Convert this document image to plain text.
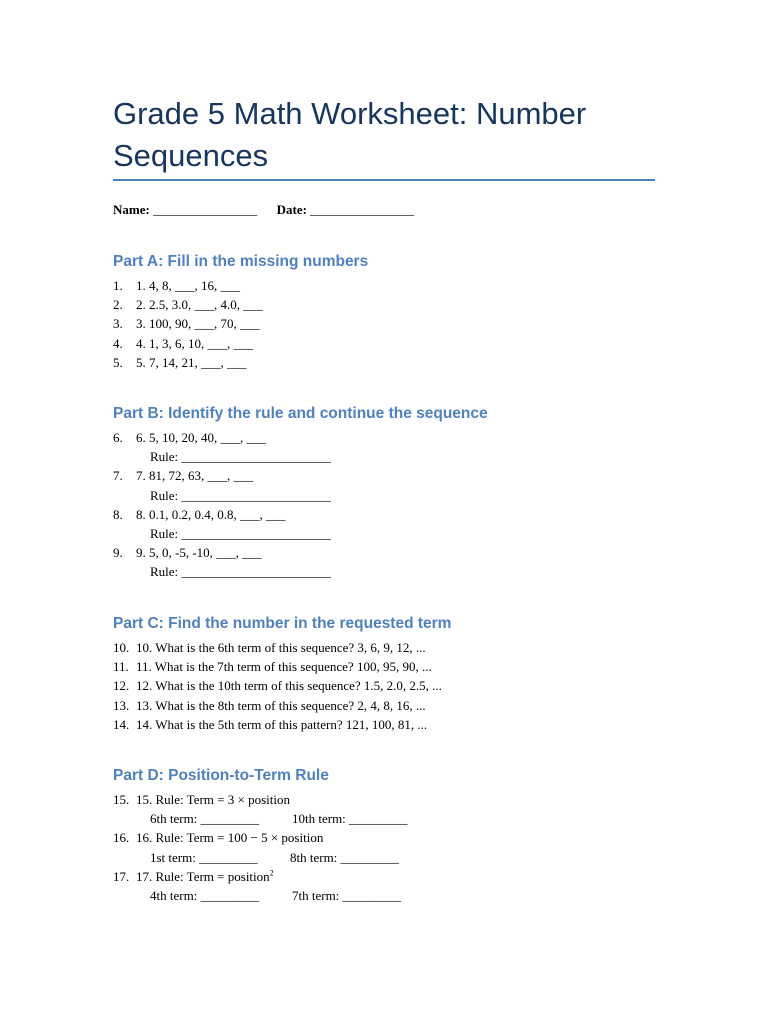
Grade 5 Math Worksheet: Number Sequences
Name: ________________ Date: ________________
Part A: Fill in the missing numbers
1. 1. 4, 8, ___, 16, ___
2. 2. 2.5, 3.0, ___, 4.0, ___
3. 3. 100, 90, ___, 70, ___
4. 4. 1, 3, 6, 10, ___, ___
5. 5. 7, 14, 21, ___, ___
Part B: Identify the rule and continue the sequence
6. 6. 5, 10, 20, 40, ___, ___
Rule: _______________________
7. 7. 81, 72, 63, ___, ___
Rule: _______________________
8. 8. 0.1, 0.2, 0.4, 0.8, ___, ___
Rule: _______________________
9. 9. 5, 0, -5, -10, ___, ___
Rule: _______________________
Part C: Find the number in the requested term
10. 10. What is the 6th term of this sequence? 3, 6, 9, 12, ...
11. 11. What is the 7th term of this sequence? 100, 95, 90, ...
12. 12. What is the 10th term of this sequence? 1.5, 2.0, 2.5, ...
13. 13. What is the 8th term of this sequence? 2, 4, 8, 16, ...
14. 14. What is the 5th term of this pattern? 121, 100, 81, ...
Part D: Position-to-Term Rule
15. 15. Rule: Term = 3 × position
6th term: _________	10th term: _________
16. 16. Rule: Term = 100 − 5 × position
1st term: _________ 8th term: _________
17. 17. Rule: Term = position$^2$
4th term: _________	7th term: _________
